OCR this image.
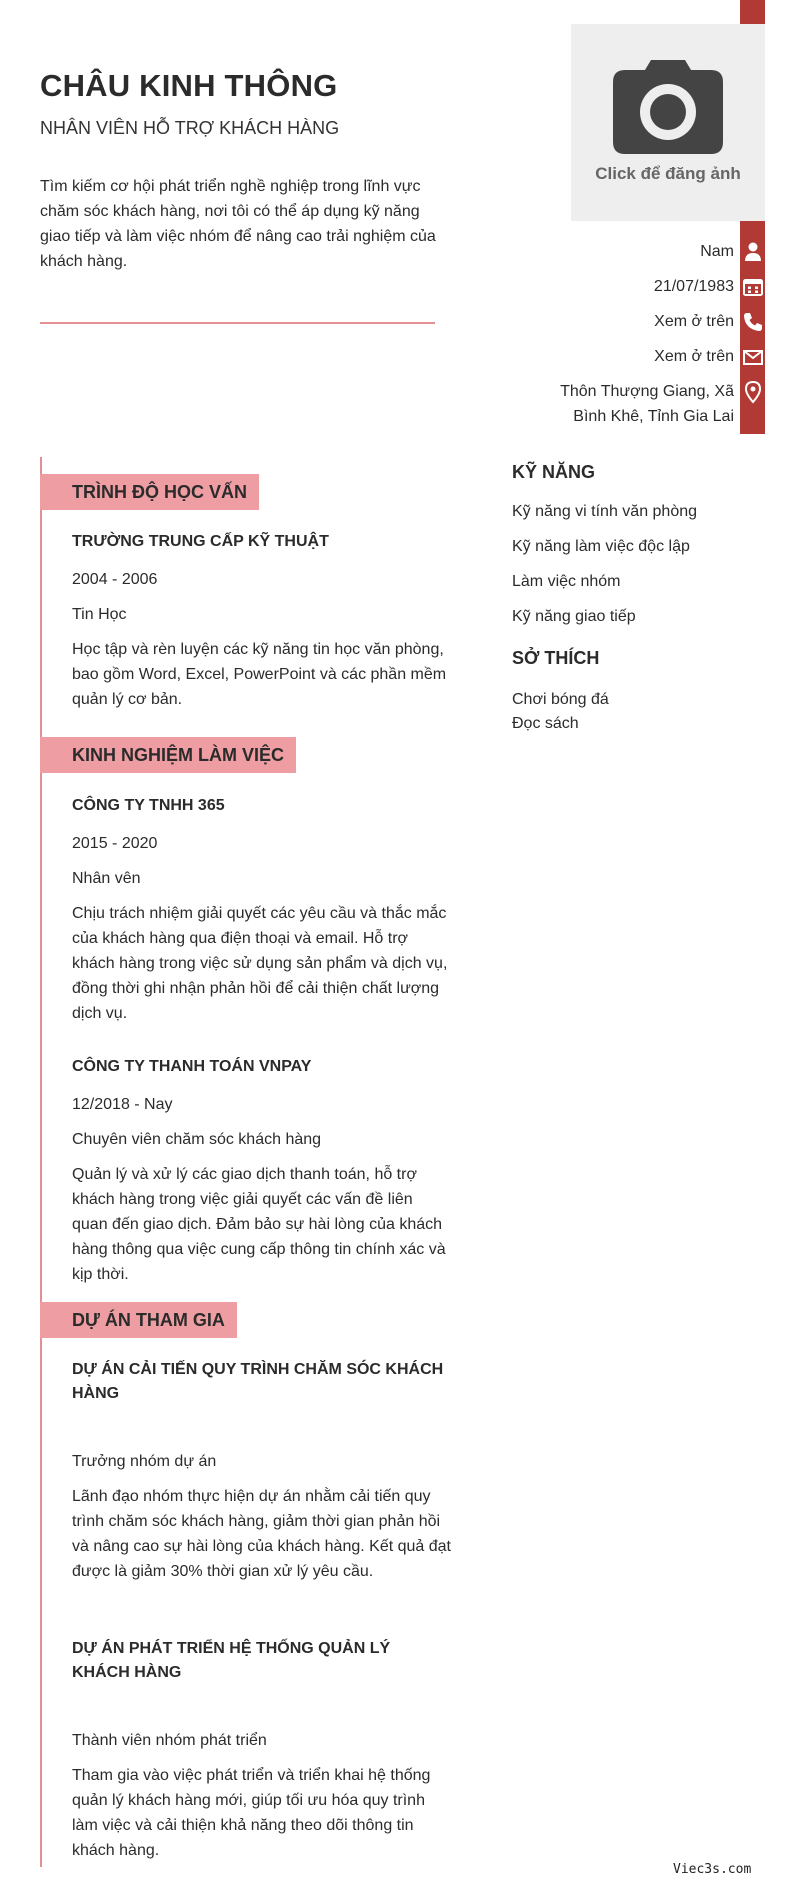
CHÂU KINH THÔNG
NHÂN VIÊN HỖ TRỢ KHÁCH HÀNG

Tìm kiếm cơ hội phát triển nghề nghiệp trong lĩnh vực chăm sóc khách hàng, nơi tôi có thể áp dụng kỹ năng giao tiếp và làm việc nhóm để nâng cao trải nghiệm của khách hàng.

Click để đăng ảnh
Nam
21/07/1983
Xem ở trên
Xem ở trên
Thôn Thượng Giang, Xã
Bình Khê, Tỉnh Gia Lai
TRÌNH ĐỘ HỌC VẤN
TRƯỜNG TRUNG CẤP KỸ THUẬT
2004 - 2006
Tin Học
Học tập và rèn luyện các kỹ năng tin học văn phòng, bao gồm Word, Excel, PowerPoint và các phần mềm quản lý cơ bản.
KINH NGHIỆM LÀM VIỆC
CÔNG TY TNHH 365
2015 - 2020
Nhân vên
Chịu trách nhiệm giải quyết các yêu cầu và thắc mắc của khách hàng qua điện thoại và email. Hỗ trợ khách hàng trong việc sử dụng sản phẩm và dịch vụ, đồng thời ghi nhận phản hồi để cải thiện chất lượng dịch vụ.
CÔNG TY THANH TOÁN VNPAY
12/2018 - Nay
Chuyên viên chăm sóc khách hàng
Quản lý và xử lý các giao dịch thanh toán, hỗ trợ khách hàng trong việc giải quyết các vấn đề liên quan đến giao dịch. Đảm bảo sự hài lòng của khách hàng thông qua việc cung cấp thông tin chính xác và kịp thời.
DỰ ÁN THAM GIA
DỰ ÁN CẢI TIẾN QUY TRÌNH CHĂM SÓC KHÁCH HÀNG
Trưởng nhóm dự án
Lãnh đạo nhóm thực hiện dự án nhằm cải tiến quy trình chăm sóc khách hàng, giảm thời gian phản hồi và nâng cao sự hài lòng của khách hàng. Kết quả đạt được là giảm 30% thời gian xử lý yêu cầu.
DỰ ÁN PHÁT TRIỂN HỆ THỐNG QUẢN LÝ KHÁCH HÀNG
Thành viên nhóm phát triển
Tham gia vào việc phát triển và triển khai hệ thống quản lý khách hàng mới, giúp tối ưu hóa quy trình làm việc và cải thiện khả năng theo dõi thông tin khách hàng.
KỸ NĂNG
Kỹ năng vi tính văn phòng
Kỹ năng làm việc độc lập
Làm việc nhóm
Kỹ năng giao tiếp
SỞ THÍCH
Chơi bóng đá
Đọc sách
Viec3s.com
